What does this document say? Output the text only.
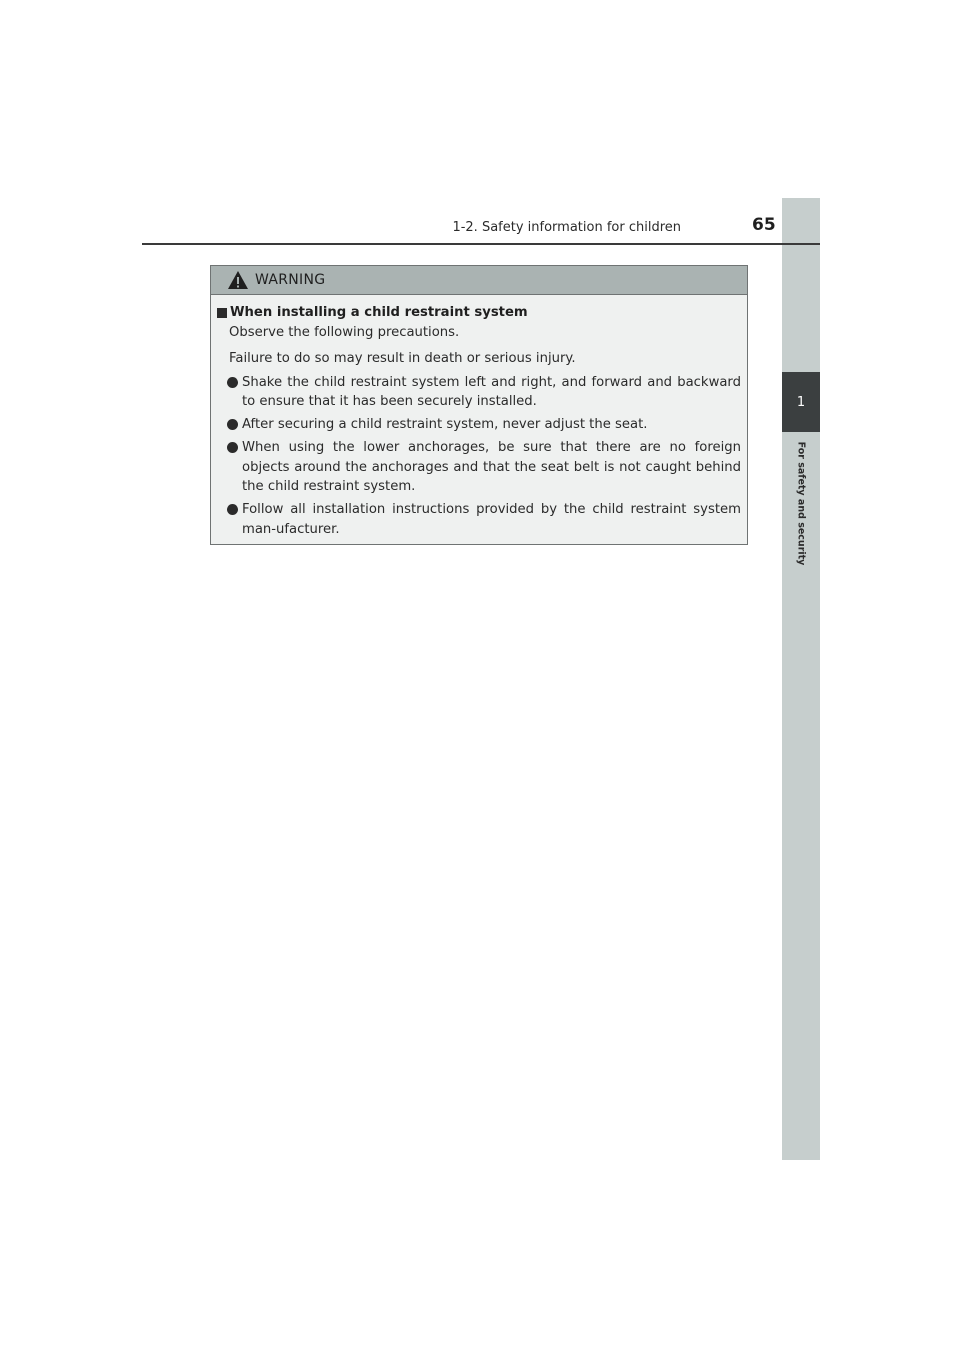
1
For safety and security
1-2. Safety information for children	65
WARNING
When installing a child restraint system
Observe the following precautions.
Failure to do so may result in death or serious injury.
Shake the child restraint system left and right, and forward and backward to ensure that it has been securely installed.
After securing a child restraint system, never adjust the seat.
When using the lower anchorages, be sure that there are no foreign objects around the anchorages and that the seat belt is not caught behind the child restraint system.
Follow all installation instructions provided by the child restraint system man-ufacturer.
